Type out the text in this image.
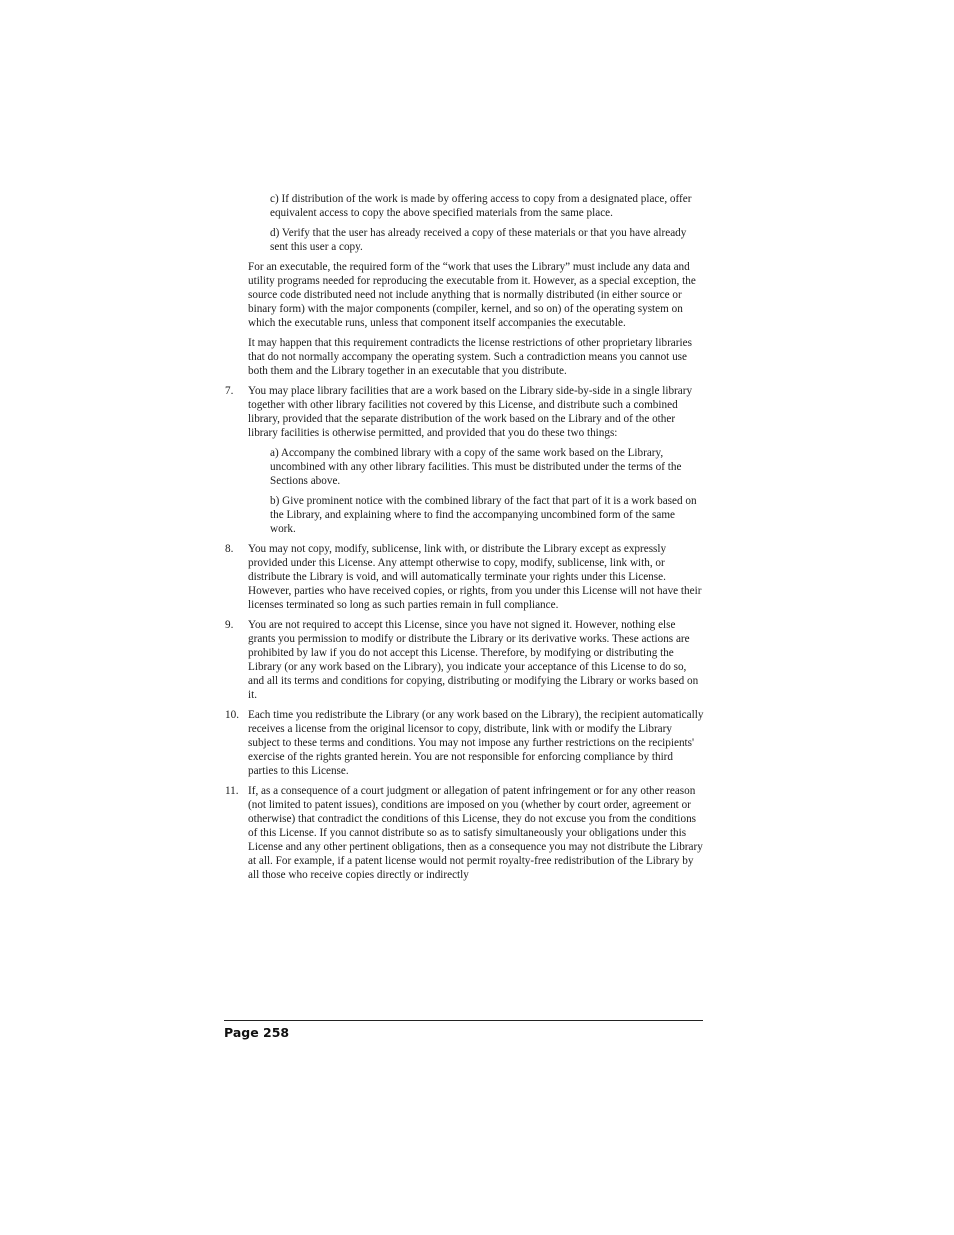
c) If distribution of the work is made by offering access to copy from a designated place, offer equivalent access to copy the above specified materials from the same place.
d) Verify that the user has already received a copy of these materials or that you have already sent this user a copy.
For an executable, the required form of the “work that uses the Library” must include any data and utility programs needed for reproducing the executable from it. However, as a special exception, the source code distributed need not include anything that is normally distributed (in either source or binary form) with the major components (compiler, kernel, and so on) of the operating system on which the executable runs, unless that component itself accompanies the executable.
It may happen that this requirement contradicts the license restrictions of other proprietary libraries that do not normally accompany the operating system. Such a contradiction means you cannot use both them and the Library together in an executable that you distribute.
7.	You may place library facilities that are a work based on the Library side-by-side in a single library together with other library facilities not covered by this License, and distribute such a combined library, provided that the separate distribution of the work based on the Library and of the other library facilities is otherwise permitted, and provided that you do these two things:
a) Accompany the combined library with a copy of the same work based on the Library, uncombined with any other library facilities. This must be distributed under the terms of the Sections above.
b) Give prominent notice with the combined library of the fact that part of it is a work based on the Library, and explaining where to find the accompanying uncombined form of the same work.
8.	You may not copy, modify, sublicense, link with, or distribute the Library except as expressly provided under this License. Any attempt otherwise to copy, modify, sublicense, link with, or distribute the Library is void, and will automatically terminate your rights under this License. However, parties who have received copies, or rights, from you under this License will not have their licenses terminated so long as such parties remain in full compliance.
9.	You are not required to accept this License, since you have not signed it. However, nothing else grants you permission to modify or distribute the Library or its derivative works. These actions are prohibited by law if you do not accept this License. Therefore, by modifying or distributing the Library (or any work based on the Library), you indicate your acceptance of this License to do so, and all its terms and conditions for copying, distributing or modifying the Library or works based on it.
10. Each time you redistribute the Library (or any work based on the Library), the recipient automatically receives a license from the original licensor to copy, distribute, link with or modify the Library subject to these terms and conditions. You may not impose any further restrictions on the recipients' exercise of the rights granted herein. You are not responsible for enforcing compliance by third parties to this License.
11. If, as a consequence of a court judgment or allegation of patent infringement or for any other reason (not limited to patent issues), conditions are imposed on you (whether by court order, agreement or otherwise) that contradict the conditions of this License, they do not excuse you from the conditions of this License. If you cannot distribute so as to satisfy simultaneously your obligations under this License and any other pertinent obligations, then as a consequence you may not distribute the Library at all. For example, if a patent license would not permit royalty-free redistribution of the Library by all those who receive copies directly or indirectly
Page 258
